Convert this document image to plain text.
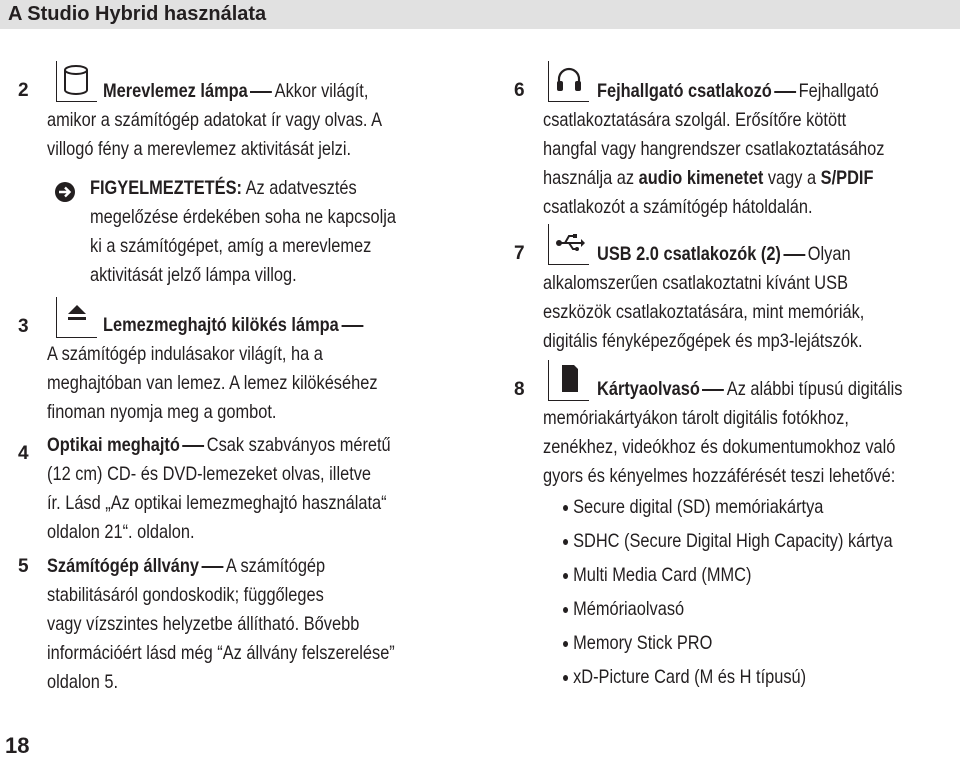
A Studio Hybrid használata
2	Merevlemez lámpa Akkor világít,
amikor a számítógép adatokat ír vagy olvas. A
villogó fény a merevlemez aktivitását jelzi.
FIGYELMEZTETÉS: Az adatvesztés
megelőzése érdekében soha ne kapcsolja
ki a számítógépet, amíg a merevlemez
aktivitását jelző lámpa villog.
3	Lemezmeghajtó kilökés lámpa
A számítógép indulásakor világít, ha a
meghajtóban van lemez. A lemez kilökéséhez
finoman nyomja meg a gombot.
4 Optikai meghajtó Csak szabványos méretű
(12 cm) CD- és DVD-lemezeket olvas, illetve
ír. Lásd „Az optikai lemezmeghajtó használata“
oldalon 21“. oldalon.
5 Számítógép állvány A számítógép
stabilitásáról gondoskodik; függőleges
vagy vízszintes helyzetbe állítható. Bővebb
információért lásd még “Az állvány felszerelése”
oldalon 5.
6	Fejhallgató csatlakozó Fejhallgató
csatlakoztatására szolgál. Erősítőre kötött
hangfal vagy hangrendszer csatlakoztatásához
használja az audio kimenetet vagy a S/PDIF
csatlakozót a számítógép hátoldalán.
7	USB 2.0 csatlakozók (2) Olyan
alkalomszerűen csatlakoztatni kívánt USB
eszközök csatlakoztatására, mint memóriák,
digitális fényképezőgépek és mp3-lejátszók.
8	Kártyaolvasó Az alábbi típusú digitális
memóriakártyákon tárolt digitális fotókhoz,
zenékhez, videókhoz és dokumentumokhoz való
gyors és kényelmes hozzáférését teszi lehetővé:
Secure digital (SD) memóriakártya
SDHC (Secure Digital High Capacity) kártya
Multi Media Card (MMC)
Mémóriaolvasó
Memory Stick PRO
xD-Picture Card (M és H típusú)
18
